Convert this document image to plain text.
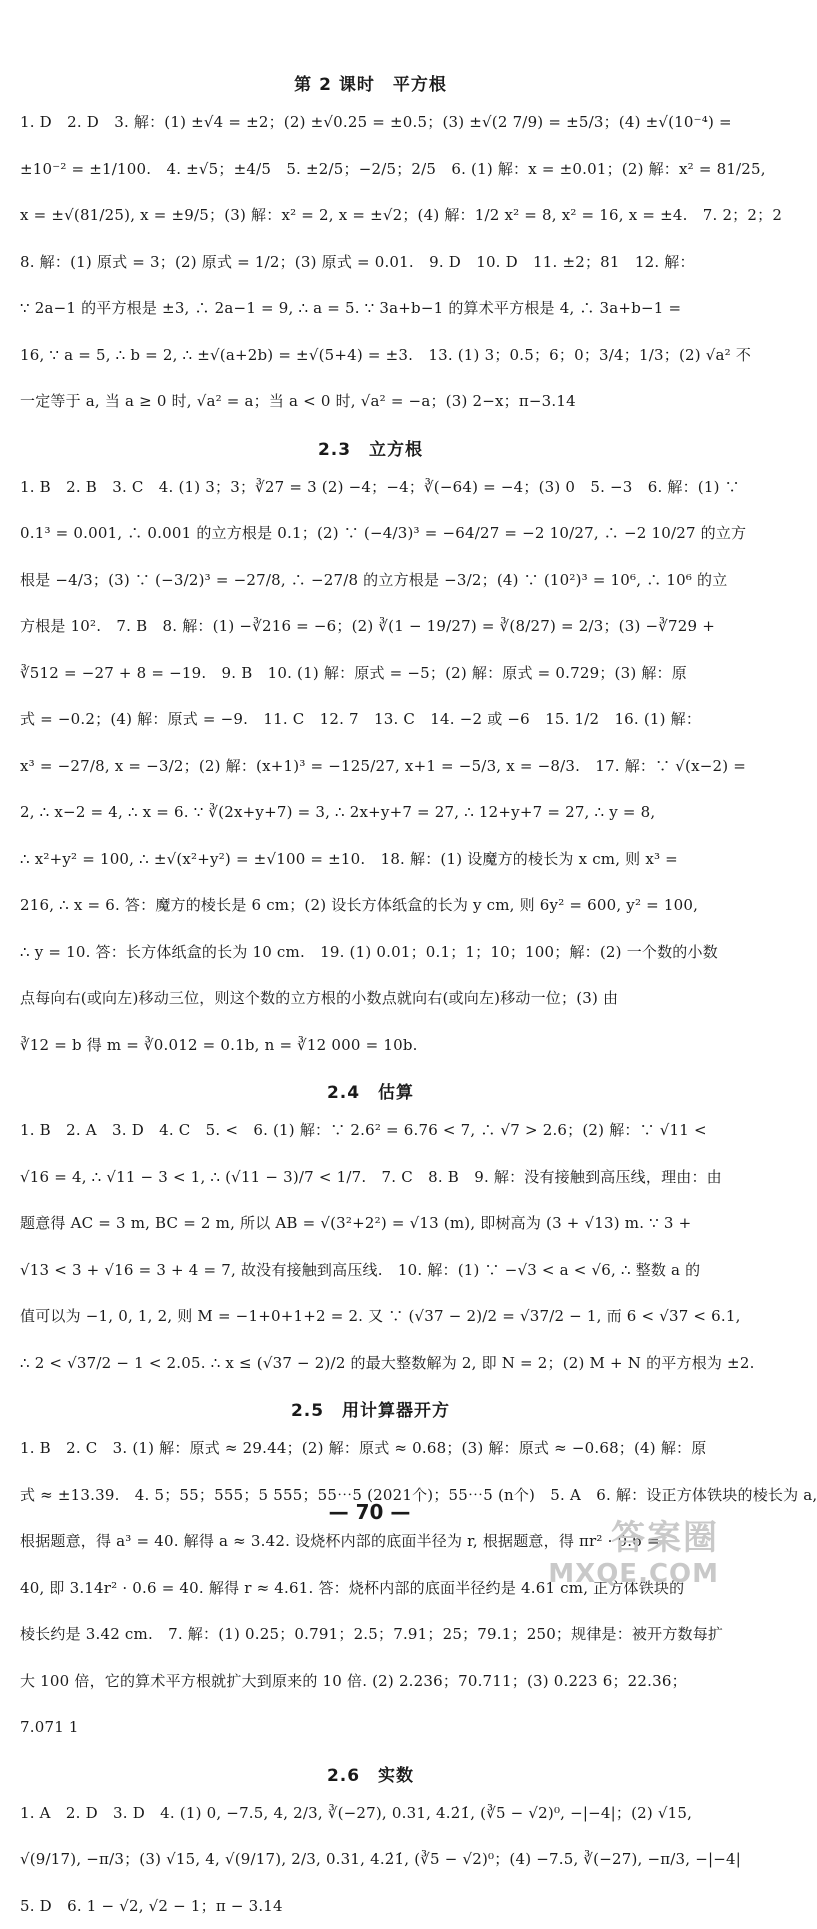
第 2 课时　平方根
1. D　2. D　3. 解：(1) ±√4 = ±2；(2) ±√0.25 = ±0.5；(3) ±√(2 7/9) = ±5/3；(4) ±√(10⁻⁴) =
±10⁻² = ±1/100.　4. ±√5；±4/5　5. ±2/5；−2/5；2/5　6. (1) 解：x = ±0.01；(2) 解：x² = 81/25,
x = ±√(81/25), x = ±9/5；(3) 解：x² = 2, x = ±√2；(4) 解：1/2 x² = 8, x² = 16, x = ±4.　7. 2；2；2
8. 解：(1) 原式 = 3；(2) 原式 = 1/2；(3) 原式 = 0.01.　9. D　10. D　11. ±2；81　12. 解：
∵ 2a−1 的平方根是 ±3, ∴ 2a−1 = 9, ∴ a = 5. ∵ 3a+b−1 的算术平方根是 4, ∴ 3a+b−1 =
16, ∵ a = 5, ∴ b = 2, ∴ ±√(a+2b) = ±√(5+4) = ±3.　13. (1) 3；0.5；6；0；3/4；1/3；(2) √a² 不
一定等于 a, 当 a ≥ 0 时, √a² = a；当 a < 0 时, √a² = −a；(3) 2−x；π−3.14
2.3　立方根
1. B　2. B　3. C　4. (1) 3；3；∛27 = 3 (2) −4；−4；∛(−64) = −4；(3) 0　5. −3　6. 解：(1) ∵
0.1³ = 0.001, ∴ 0.001 的立方根是 0.1；(2) ∵ (−4/3)³ = −64/27 = −2 10/27, ∴ −2 10/27 的立方
根是 −4/3；(3) ∵ (−3/2)³ = −27/8, ∴ −27/8 的立方根是 −3/2；(4) ∵ (10²)³ = 10⁶, ∴ 10⁶ 的立
方根是 10².　7. B　8. 解：(1) −∛216 = −6；(2) ∛(1 − 19/27) = ∛(8/27) = 2/3；(3) −∛729 +
∛512 = −27 + 8 = −19.　9. B　10. (1) 解：原式 = −5；(2) 解：原式 = 0.729；(3) 解：原
式 = −0.2；(4) 解：原式 = −9.　11. C　12. 7　13. C　14. −2 或 −6　15. 1/2　16. (1) 解：
x³ = −27/8, x = −3/2；(2) 解：(x+1)³ = −125/27, x+1 = −5/3, x = −8/3.　17. 解：∵ √(x−2) =
2, ∴ x−2 = 4, ∴ x = 6. ∵ ∛(2x+y+7) = 3, ∴ 2x+y+7 = 27, ∴ 12+y+7 = 27, ∴ y = 8,
∴ x²+y² = 100, ∴ ±√(x²+y²) = ±√100 = ±10.　18. 解：(1) 设魔方的棱长为 x cm, 则 x³ =
216, ∴ x = 6. 答：魔方的棱长是 6 cm；(2) 设长方体纸盒的长为 y cm, 则 6y² = 600, y² = 100,
∴ y = 10. 答：长方体纸盒的长为 10 cm.　19. (1) 0.01；0.1；1；10；100；解：(2) 一个数的小数
点每向右(或向左)移动三位，则这个数的立方根的小数点就向右(或向左)移动一位；(3) 由
∛12 = b 得 m = ∛0.012 = 0.1b, n = ∛12 000 = 10b.
2.4　估算
1. B　2. A　3. D　4. C　5. <　6. (1) 解：∵ 2.6² = 6.76 < 7, ∴ √7 > 2.6；(2) 解：∵ √11 <
√16 = 4, ∴ √11 − 3 < 1, ∴ (√11 − 3)/7 < 1/7.　7. C　8. B　9. 解：没有接触到高压线，理由：由
题意得 AC = 3 m, BC = 2 m, 所以 AB = √(3²+2²) = √13 (m), 即树高为 (3 + √13) m. ∵ 3 +
√13 < 3 + √16 = 3 + 4 = 7, 故没有接触到高压线.　10. 解：(1) ∵ −√3 < a < √6, ∴ 整数 a 的
值可以为 −1, 0, 1, 2, 则 M = −1+0+1+2 = 2. 又 ∵ (√37 − 2)/2 = √37/2 − 1, 而 6 < √37 < 6.1,
∴ 2 < √37/2 − 1 < 2.05. ∴ x ≤ (√37 − 2)/2 的最大整数解为 2, 即 N = 2；(2) M + N 的平方根为 ±2.
2.5　用计算器开方
1. B　2. C　3. (1) 解：原式 ≈ 29.44；(2) 解：原式 ≈ 0.68；(3) 解：原式 ≈ −0.68；(4) 解：原
式 ≈ ±13.39.　4. 5；55；555；5 555；55⋯5 (2021个)；55⋯5 (n个)　5. A　6. 解：设正方体铁块的棱长为 a,
根据题意，得 a³ = 40. 解得 a ≈ 3.42. 设烧杯内部的底面半径为 r, 根据题意，得 πr² · 0.6 =
40, 即 3.14r² · 0.6 = 40. 解得 r ≈ 4.61. 答：烧杯内部的底面半径约是 4.61 cm, 正方体铁块的
棱长约是 3.42 cm.　7. 解：(1) 0.25；0.791；2.5；7.91；25；79.1；250；规律是：被开方数每扩
大 100 倍，它的算术平方根就扩大到原来的 10 倍. (2) 2.236；70.711；(3) 0.223 6；22.36；
7.071 1
2.6　实数
1. A　2. D　3. D　4. (1) 0, −7.5, 4, 2/3, ∛(−27), 0.31, 4.2̇1̇, (∛5 − √2)⁰, −|−4|；(2) √15,
√(9/17), −π/3；(3) √15, 4, √(9/17), 2/3, 0.31, 4.2̇1̇, (∛5 − √2)⁰；(4) −7.5, ∛(−27), −π/3, −|−4|
5. D　6. 1 − √2, √2 − 1；π − 3.14
— 70 —
答案圈
MXQE.COM
